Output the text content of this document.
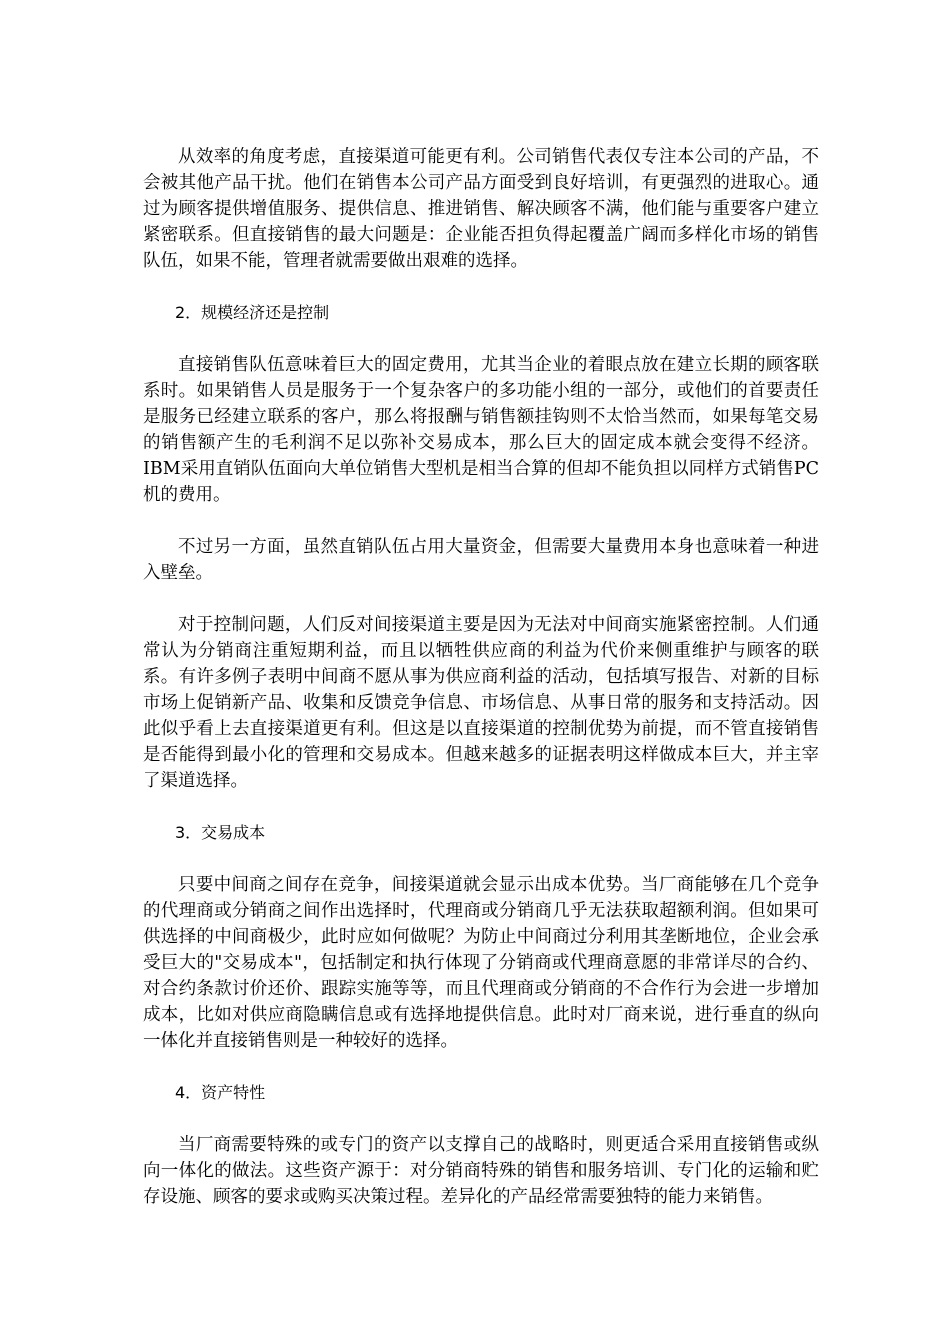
从效率的角度考虑，直接渠道可能更有利。公司销售代表仅专注本公司的产品，不会被其他产品干扰。他们在销售本公司产品方面受到良好培训，有更强烈的进取心。通过为顾客提供增值服务、提供信息、推进销售、解决顾客不满，他们能与重要客户建立紧密联系。但直接销售的最大问题是：企业能否担负得起覆盖广阔而多样化市场的销售队伍，如果不能，管理者就需要做出艰难的选择。

2．规模经济还是控制

直接销售队伍意味着巨大的固定费用，尤其当企业的着眼点放在建立长期的顾客联系时。如果销售人员是服务于一个复杂客户的多功能小组的一部分，或他们的首要责任是服务已经建立联系的客户，那么将报酬与销售额挂钩则不太恰当然而，如果每笔交易的销售额产生的毛利润不足以弥补交易成本，那么巨大的固定成本就会变得不经济。IBM采用直销队伍面向大单位销售大型机是相当合算的但却不能负担以同样方式销售PC机的费用。

不过另一方面，虽然直销队伍占用大量资金，但需要大量费用本身也意味着一种进入壁垒。

对于控制问题，人们反对间接渠道主要是因为无法对中间商实施紧密控制。人们通常认为分销商注重短期利益，而且以牺牲供应商的利益为代价来侧重维护与顾客的联系。有许多例子表明中间商不愿从事为供应商利益的活动，包括填写报告、对新的目标市场上促销新产品、收集和反馈竞争信息、市场信息、从事日常的服务和支持活动。因此似乎看上去直接渠道更有利。但这是以直接渠道的控制优势为前提，而不管直接销售是否能得到最小化的管理和交易成本。但越来越多的证据表明这样做成本巨大，并主宰了渠道选择。

3．交易成本

只要中间商之间存在竞争，间接渠道就会显示出成本优势。当厂商能够在几个竞争的代理商或分销商之间作出选择时，代理商或分销商几乎无法获取超额利润。但如果可供选择的中间商极少，此时应如何做呢？为防止中间商过分利用其垄断地位，企业会承受巨大的"交易成本"，包括制定和执行体现了分销商或代理商意愿的非常详尽的合约、对合约条款讨价还价、跟踪实施等等，而且代理商或分销商的不合作行为会进一步增加成本，比如对供应商隐瞒信息或有选择地提供信息。此时对厂商来说，进行垂直的纵向一体化并直接销售则是一种较好的选择。

4．资产特性

当厂商需要特殊的或专门的资产以支撑自己的战略时，则更适合采用直接销售或纵向一体化的做法。这些资产源于：对分销商特殊的销售和服务培训、专门化的运输和贮存设施、顾客的要求或购买决策过程。差异化的产品经常需要独特的能力来销售。
